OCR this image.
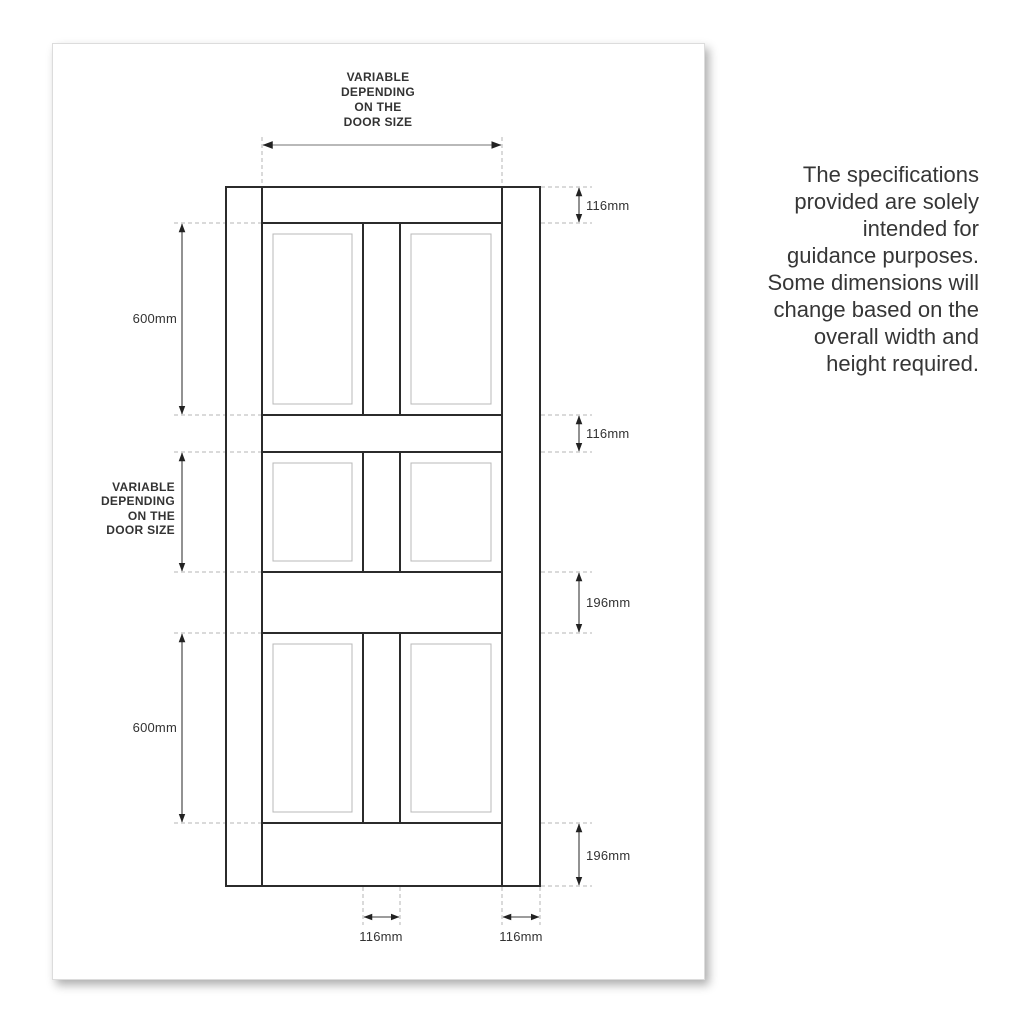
VARIABLE
DEPENDING
ON THE
DOOR SIZE
116mm
600mm
116mm
VARIABLE
DEPENDING
ON THE
DOOR SIZE
196mm
600mm
196mm
116mm	116mm
The specifications
provided are solely
intended for
guidance purposes.
Some dimensions will
change based on the
overall width and
height required.
